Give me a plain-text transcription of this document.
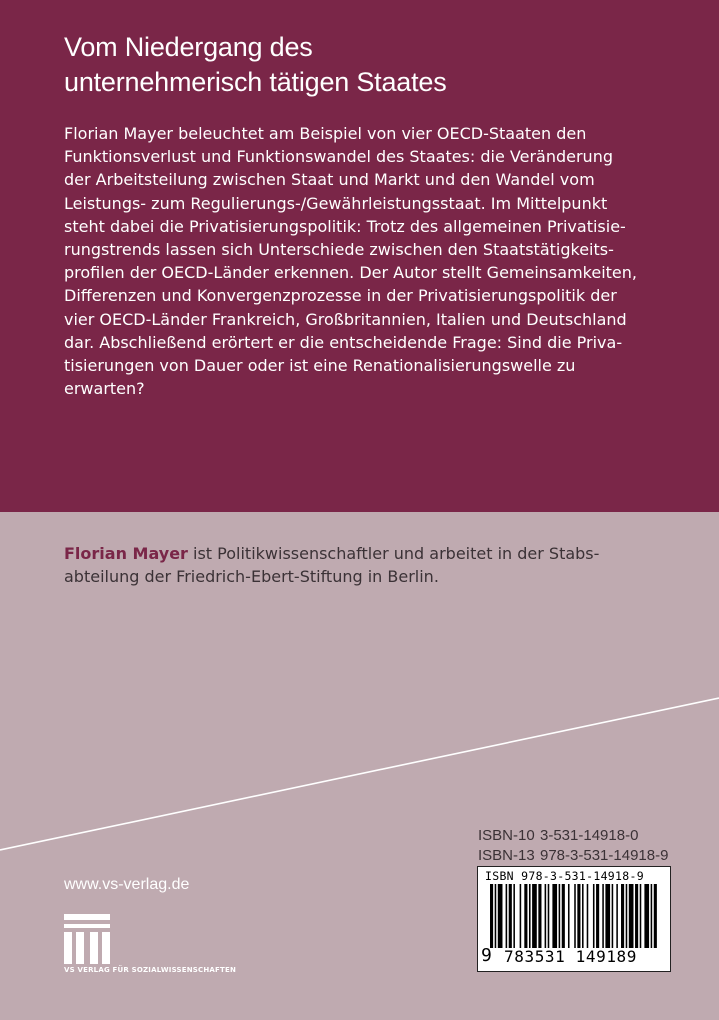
Vom Niedergang des
unternehmerisch tätigen Staates
Florian Mayer beleuchtet am Beispiel von vier OECD-Staaten den
Funktionsverlust und Funktionswandel des Staates: die Veränderung
der Arbeitsteilung zwischen Staat und Markt und den Wandel vom
Leistungs- zum Regulierungs-/Gewährleistungsstaat. Im Mittelpunkt
steht dabei die Privatisierungspolitik: Trotz des allgemeinen Privatisie-
rungstrends lassen sich Unterschiede zwischen den Staatstätigkeits-
profilen der OECD-Länder erkennen. Der Autor stellt Gemeinsamkeiten,
Differenzen und Konvergenzprozesse in der Privatisierungspolitik der
vier OECD-Länder Frankreich, Großbritannien, Italien und Deutschland
dar. Abschließend erörtert er die entscheidende Frage: Sind die Priva-
tisierungen von Dauer oder ist eine Renationalisierungswelle zu
erwarten?
Florian Mayer ist Politikwissenschaftler und arbeitet in der Stabs-
abteilung der Friedrich-Ebert-Stiftung in Berlin.
ISBN-10 3-531-14918-0
ISBN-13 978-3-531-14918-9
www.vs-verlag.de
VS VERLAG FÜR SOZIALWISSENSCHAFTEN
ISBN 978-3-531-14918-9
9 783531 149189
